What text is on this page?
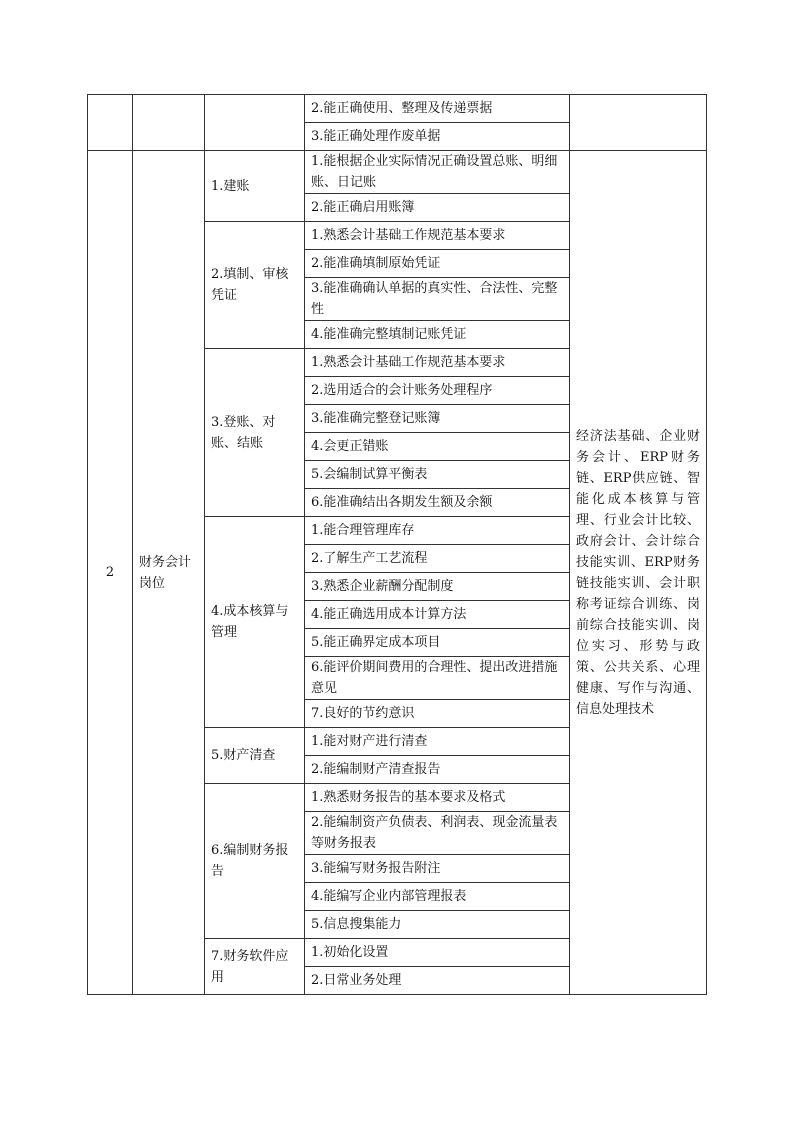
			2.能正确使用、整理及传递票据	
			3.能正确处理作废单据	
2	财务会计岗位	1.建账	1.能根据企业实际情况正确设置总账、明细账、日记账	经济法基础、企业财务会计、ERP财务链、ERP供应链、智能化成本核算与管理、行业会计比较、政府会计、会计综合技能实训、ERP财务链技能实训、会计职称考证综合训练、岗前综合技能实训、岗位实习、形势与政策、公共关系、心理健康、写作与沟通、信息处理技术
			2.能正确启用账簿	
		2.填制、审核凭证	1.熟悉会计基础工作规范基本要求	
			2.能准确填制原始凭证	
			3.能准确确认单据的真实性、合法性、完整性	
			4.能准确完整填制记账凭证	
		3.登账、对账、结账	1.熟悉会计基础工作规范基本要求	
			2.选用适合的会计账务处理程序	
			3.能准确完整登记账簿	
			4.会更正错账	
			5.会编制试算平衡表	
			6.能准确结出各期发生额及余额	
		4.成本核算与管理	1.能合理管理库存	
			2.了解生产工艺流程	
			3.熟悉企业薪酬分配制度	
			4.能正确选用成本计算方法	
			5.能正确界定成本项目	
			6.能评价期间费用的合理性、提出改进措施意见	
			7.良好的节约意识	
		5.财产清查	1.能对财产进行清查	
			2.能编制财产清查报告	
		6.编制财务报告	1.熟悉财务报告的基本要求及格式	
			2.能编制资产负债表、利润表、现金流量表等财务报表	
			3.能编写财务报告附注	
			4.能编写企业内部管理报表	
			5.信息搜集能力	
		7.财务软件应用	1.初始化设置	
			2.日常业务处理	
